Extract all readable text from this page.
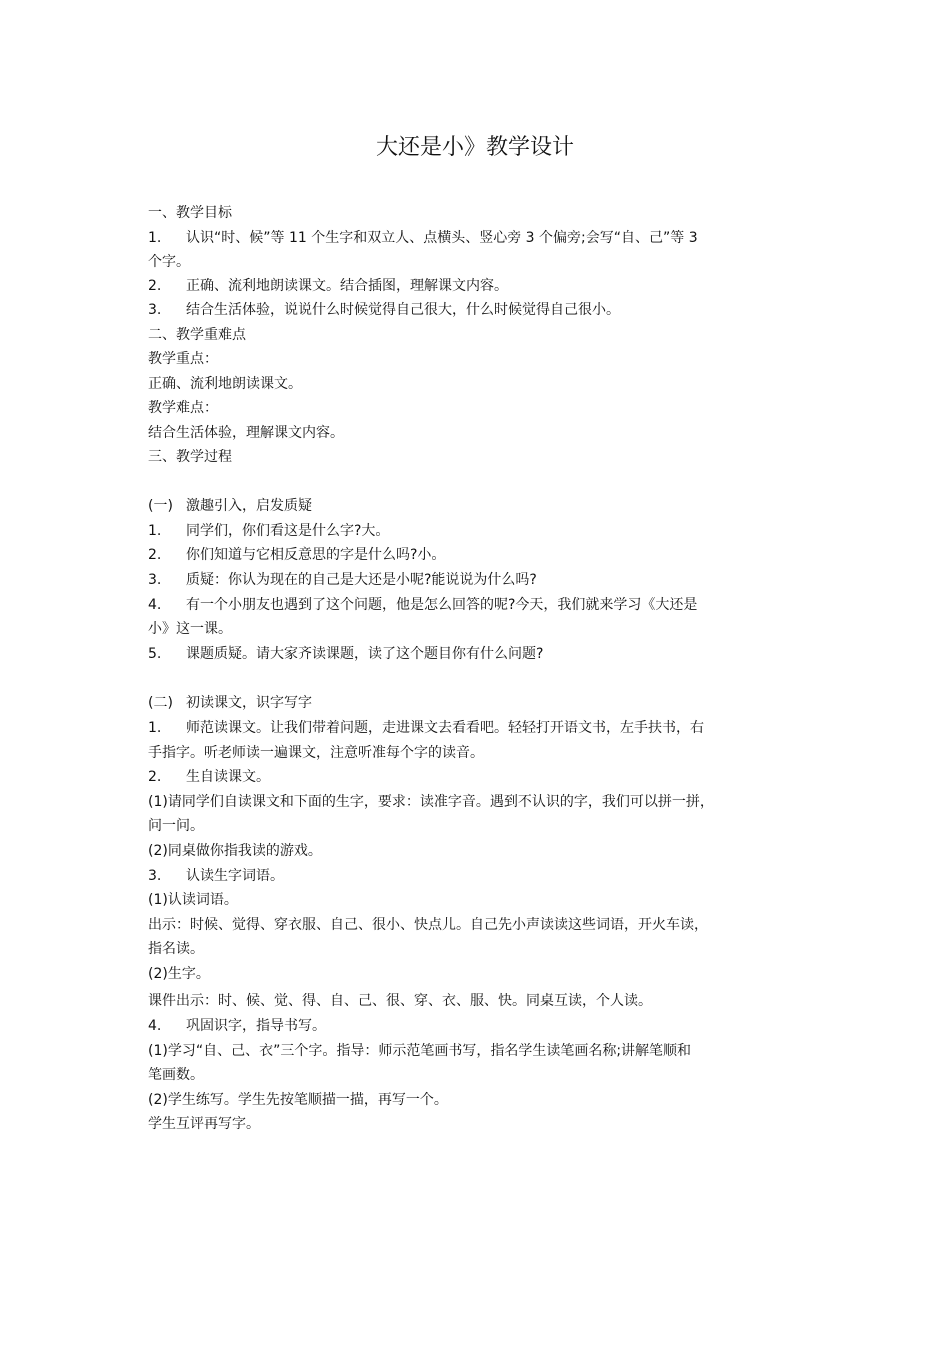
大还是小》教学设计
一、教学目标
1. 认识“时、候”等 11 个生字和双立人、点横头、竖心旁 3 个偏旁;会写“自、己”等 3
个字。
2. 正确、流利地朗读课文。结合插图，理解课文内容。
3. 结合生活体验，说说什么时候觉得自己很大，什么时候觉得自己很小。
二、教学重难点
教学重点：
正确、流利地朗读课文。
教学难点：
结合生活体验，理解课文内容。
三、教学过程
(一) 激趣引入，启发质疑
1. 同学们，你们看这是什么字?大。
2. 你们知道与它相反意思的字是什么吗?小。
3. 质疑：你认为现在的自己是大还是小呢?能说说为什么吗?
4. 有一个小朋友也遇到了这个问题，他是怎么回答的呢?今天，我们就来学习《大还是
小》这一课。
5. 课题质疑。请大家齐读课题，读了这个题目你有什么问题?
(二) 初读课文，识字写字
1. 师范读课文。让我们带着问题，走进课文去看看吧。轻轻打开语文书，左手扶书，右
手指字。听老师读一遍课文，注意听准每个字的读音。
2. 生自读课文。
(1)请同学们自读课文和下面的生字，要求：读准字音。遇到不认识的字，我们可以拼一拼，
问一问。
(2)同桌做你指我读的游戏。
3. 认读生字词语。
(1)认读词语。
出示：时候、觉得、穿衣服、自己、很小、快点儿。自己先小声读读这些词语，开火车读，
指名读。
(2)生字。
课件出示：时、候、觉、得、自、己、很、穿、衣、服、快。同桌互读，个人读。
4. 巩固识字，指导书写。
(1)学习“自、己、衣”三个字。指导：师示范笔画书写，指名学生读笔画名称;讲解笔顺和
笔画数。
(2)学生练写。学生先按笔顺描一描，再写一个。
学生互评再写字。
